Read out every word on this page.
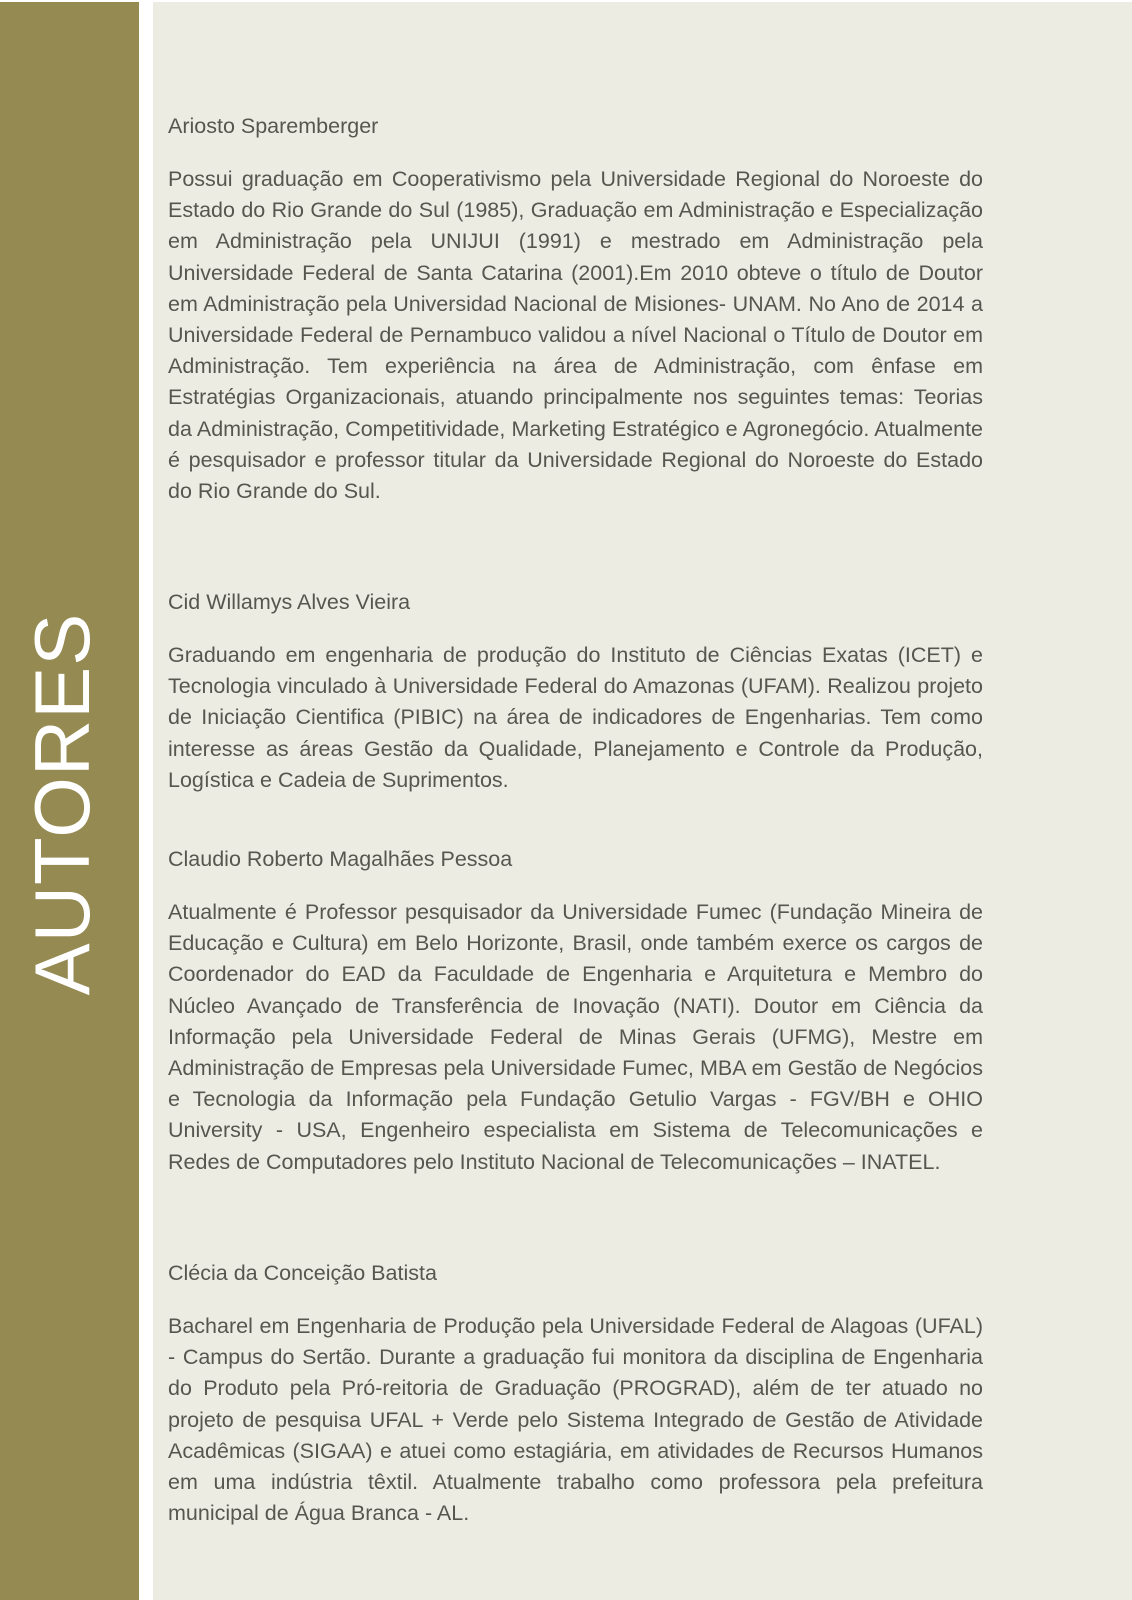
AUTORES

Ariosto Sparemberger

Possui graduação em Cooperativismo pela Universidade Regional do Noroeste do Estado do Rio Grande do Sul (1985), Graduação em Administração e Especialização em Administração pela UNIJUI (1991) e mestrado em Administração pela Universidade Federal de Santa Catarina (2001).Em 2010 obteve o título de Doutor em Administração pela Universidad Nacional de Misiones- UNAM. No Ano de 2014 a Universidade Federal de Pernambuco validou a nível Nacional o Título de Doutor em Administração. Tem experiência na área de Administração, com ênfase em Estratégias Organizacionais, atuando principalmente nos seguintes temas: Teorias da Administração, Competitividade, Marketing Estratégico e Agronegócio. Atualmente é pesquisador e professor titular da Universidade Regional do Noroeste do Estado do Rio Grande do Sul.

Cid Willamys Alves Vieira

Graduando em engenharia de produção do Instituto de Ciências Exatas (ICET) e Tecnologia vinculado à Universidade Federal do Amazonas (UFAM). Realizou projeto de Iniciação Cientifica (PIBIC) na área de indicadores de Engenharias. Tem como interesse as áreas Gestão da Qualidade, Planejamento e Controle da Produção, Logística e Cadeia de Suprimentos.

Claudio Roberto Magalhães Pessoa

Atualmente é Professor pesquisador da Universidade Fumec (Fundação Mineira de Educação e Cultura) em Belo Horizonte, Brasil, onde também exerce os cargos de Coordenador do EAD da Faculdade de Engenharia e Arquitetura e Membro do Núcleo Avançado de Transferência de Inovação (NATI). Doutor em Ciência da Informação pela Universidade Federal de Minas Gerais (UFMG), Mestre em Administração de Empresas pela Universidade Fumec, MBA em Gestão de Negócios e Tecnologia da Informação pela Fundação Getulio Vargas - FGV/BH e OHIO University - USA, Engenheiro especialista em Sistema de Telecomunicações e Redes de Computadores pelo Instituto Nacional de Telecomunicações – INATEL.

Clécia da Conceição Batista

Bacharel em Engenharia de Produção pela Universidade Federal de Alagoas (UFAL) - Campus do Sertão. Durante a graduação fui monitora da disciplina de Engenharia do Produto pela Pró-reitoria de Graduação (PROGRAD), além de ter atuado no projeto de pesquisa UFAL + Verde pelo Sistema Integrado de Gestão de Atividade Acadêmicas (SIGAA) e atuei como estagiária, em atividades de Recursos Humanos em uma indústria têxtil. Atualmente trabalho como professora pela prefeitura municipal de Água Branca - AL.
